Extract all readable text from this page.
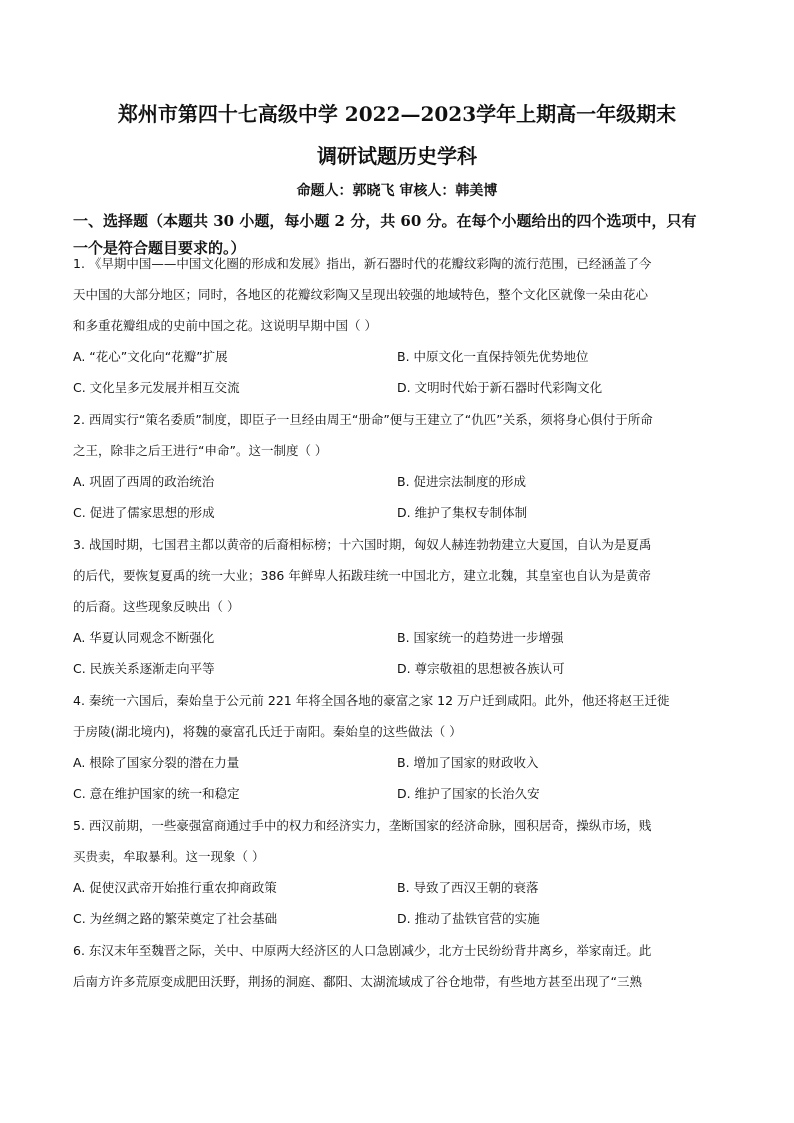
郑州市第四十七高级中学 2022—2023学年上期高一年级期末
调研试题历史学科
命题人：郭晓飞 审核人：韩美博
一、选择题（本题共 30 小题，每小题 2 分，共 60 分。在每个小题给出的四个选项中，只有
一个是符合题目要求的。）
1. 《早期中国——中国文化圈的形成和发展》指出，新石器时代的花瓣纹彩陶的流行范围，已经涵盖了今
天中国的大部分地区；同时，各地区的花瓣纹彩陶又呈现出较强的地域特色，整个文化区就像一朵由花心
和多重花瓣组成的史前中国之花。这说明早期中国（ ）
A. “花心”文化向“花瓣”扩展	B. 中原文化一直保持领先优势地位
C. 文化呈多元发展并相互交流	D. 文明时代始于新石器时代彩陶文化
2. 西周实行“策名委质”制度，即臣子一旦经由周王“册命”便与王建立了“仇匹”关系，须将身心俱付于所命
之王，除非之后王进行“申命”。这一制度（ ）
A. 巩固了西周的政治统治	B. 促进宗法制度的形成
C. 促进了儒家思想的形成	D. 维护了集权专制体制
3. 战国时期，七国君主都以黄帝的后裔相标榜；十六国时期，匈奴人赫连勃勃建立大夏国，自认为是夏禹
的后代，要恢复夏禹的统一大业；386 年鲜卑人拓跋珪统一中国北方，建立北魏，其皇室也自认为是黄帝
的后裔。这些现象反映出（ ）
A. 华夏认同观念不断强化	B. 国家统一的趋势进一步增强
C. 民族关系逐渐走向平等	D. 尊宗敬祖的思想被各族认可
4. 秦统一六国后，秦始皇于公元前 221 年将全国各地的豪富之家 12 万户迁到咸阳。此外，他还将赵王迁徙
于房陵(湖北境内)，将魏的豪富孔氏迁于南阳。秦始皇的这些做法（ ）
A. 根除了国家分裂的潜在力量	B. 增加了国家的财政收入
C. 意在维护国家的统一和稳定	D. 维护了国家的长治久安
5. 西汉前期，一些豪强富商通过手中的权力和经济实力，垄断国家的经济命脉，囤积居奇，操纵市场，贱
买贵卖，牟取暴利。这一现象（ ）
A. 促使汉武帝开始推行重农抑商政策	B. 导致了西汉王朝的衰落
C. 为丝绸之路的繁荣奠定了社会基础	D. 推动了盐铁官营的实施
6. 东汉末年至魏晋之际，关中、中原两大经济区的人口急剧减少，北方士民纷纷背井离乡，举家南迁。此
后南方许多荒原变成肥田沃野，荆扬的洞庭、鄱阳、太湖流域成了谷仓地带，有些地方甚至出现了“三熟
